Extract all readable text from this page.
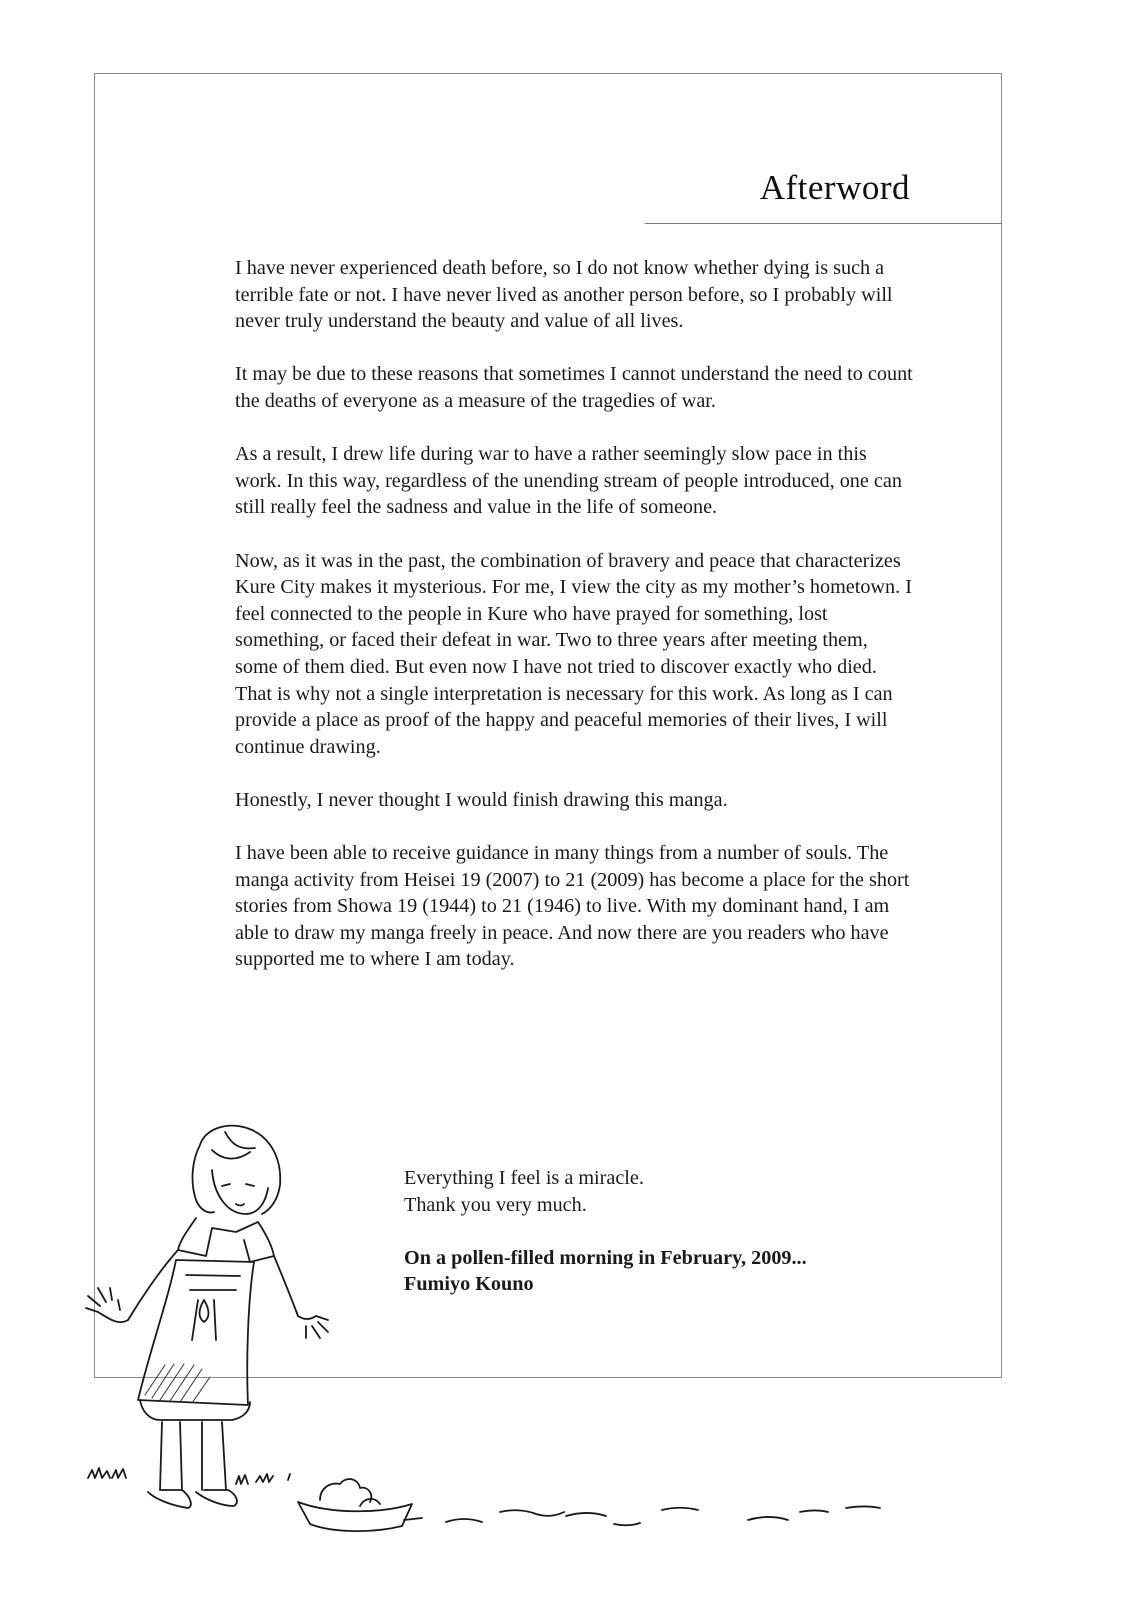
Afterword

I have never experienced death before, so I do not know whether dying is such a terrible fate or not. I have never lived as another person before, so I probably will never truly understand the beauty and value of all lives.

It may be due to these reasons that sometimes I cannot understand the need to count the deaths of everyone as a measure of the tragedies of war.

As a result, I drew life during war to have a rather seemingly slow pace in this work. In this way, regardless of the unending stream of people introduced, one can still really feel the sadness and value in the life of someone.

Now, as it was in the past, the combination of bravery and peace that characterizes Kure City makes it mysterious. For me, I view the city as my mother’s hometown. I feel connected to the people in Kure who have prayed for something, lost something, or faced their defeat in war. Two to three years after meeting them, some of them died. But even now I have not tried to discover exactly who died. That is why not a single interpretation is necessary for this work. As long as I can provide a place as proof of the happy and peaceful memories of their lives, I will continue drawing.

Honestly, I never thought I would finish drawing this manga.

I have been able to receive guidance in many things from a number of souls. The manga activity from Heisei 19 (2007) to 21 (2009) has become a place for the short stories from Showa 19 (1944) to 21 (1946) to live. With my dominant hand, I am able to draw my manga freely in peace. And now there are you readers who have supported me to where I am today.

Everything I feel is a miracle.
Thank you very much.

On a pollen-filled morning in February, 2009...
Fumiyo Kouno
